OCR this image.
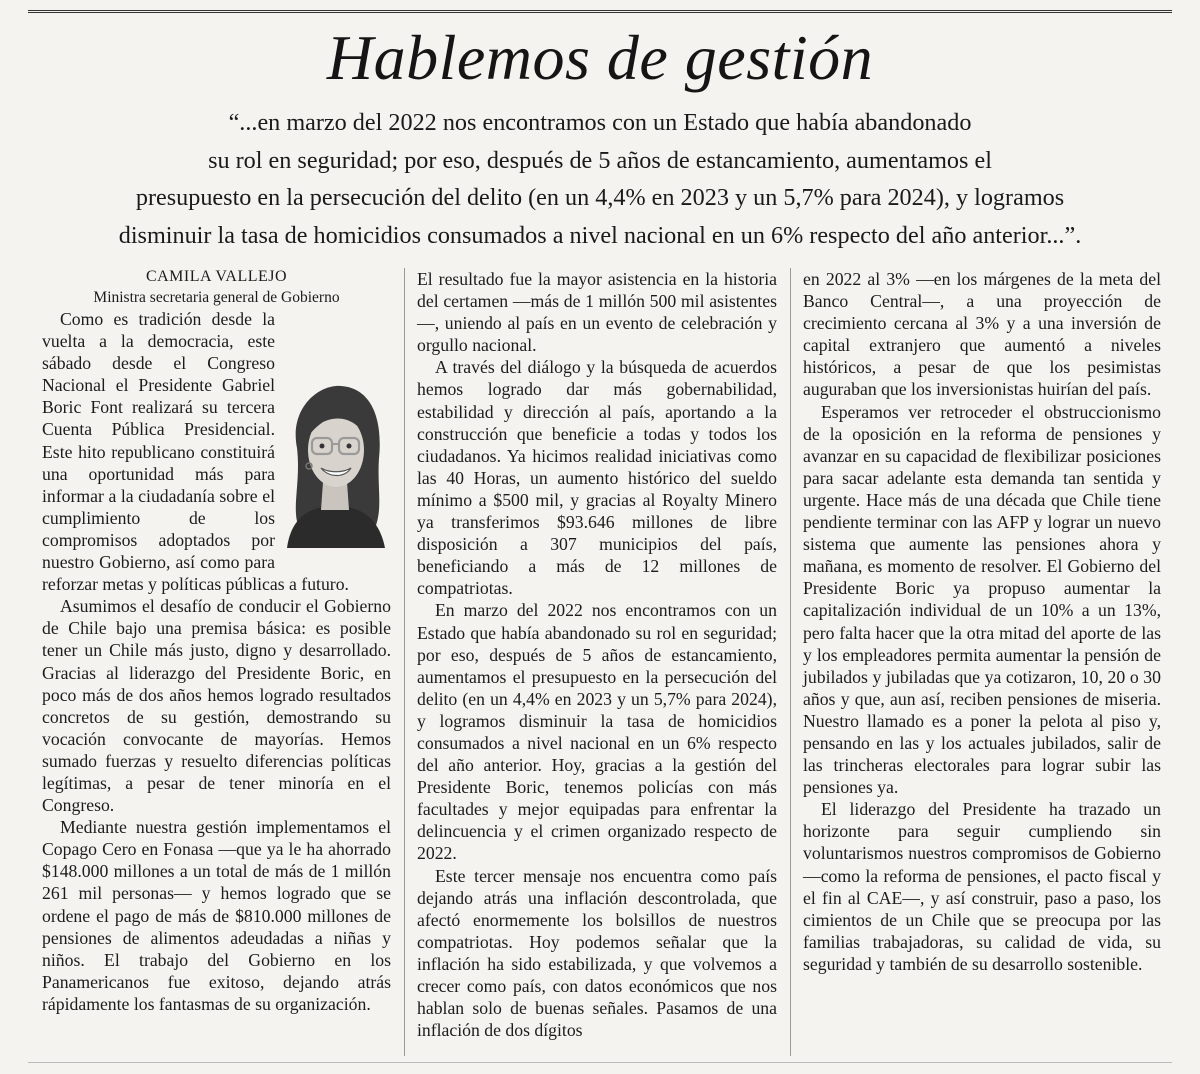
Hablemos de gestión
“...en marzo del 2022 nos encontramos con un Estado que había abandonado
su rol en seguridad; por eso, después de 5 años de estancamiento, aumentamos el
presupuesto en la persecución del delito (en un 4,4% en 2023 y un 5,7% para 2024), y logramos
disminuir la tasa de homicidios consumados a nivel nacional en un 6% respecto del año anterior...”.

CAMILA VALLEJO

Ministra secretaria general de Gobierno

Como es tradición desde la vuelta a la democracia, este sábado desde el Congreso Nacional el Presidente Gabriel Boric Font realizará su tercera Cuenta Pública Presidencial. Este hito republicano constituirá una oportunidad más para informar a la ciudadanía sobre el cumplimiento de los compromisos adoptados por nuestro Gobierno, así como para reforzar metas y políticas públicas a futuro.

Asumimos el desafío de conducir el Gobierno de Chile bajo una premisa básica: es posible tener un Chile más justo, digno y desarrollado. Gracias al liderazgo del Presidente Boric, en poco más de dos años hemos logrado resultados concretos de su gestión, demostrando su vocación convocante de mayorías. Hemos sumado fuerzas y resuelto diferencias políticas legítimas, a pesar de tener minoría en el Congreso.

Mediante nuestra gestión implementamos el Copago Cero en Fonasa —que ya le ha ahorrado $148.000 millones a un total de más de 1 millón 261 mil personas— y hemos logrado que se ordene el pago de más de $810.000 millones de pensiones de alimentos adeudadas a niñas y niños. El trabajo del Gobierno en los Panamericanos fue exitoso, dejando atrás rápidamente los fantasmas de su organización.

El resultado fue la mayor asistencia en la historia del certamen —más de 1 millón 500 mil asistentes—, uniendo al país en un evento de celebración y orgullo nacional.

A través del diálogo y la búsqueda de acuerdos hemos logrado dar más gobernabilidad, estabilidad y dirección al país, aportando a la construcción que beneficie a todas y todos los ciudadanos. Ya hicimos realidad iniciativas como las 40 Horas, un aumento histórico del sueldo mínimo a $500 mil, y gracias al Royalty Minero ya transferimos $93.646 millones de libre disposición a 307 municipios del país, beneficiando a más de 12 millones de compatriotas.

En marzo del 2022 nos encontramos con un Estado que había abandonado su rol en seguridad; por eso, después de 5 años de estancamiento, aumentamos el presupuesto en la persecución del delito (en un 4,4% en 2023 y un 5,7% para 2024), y logramos disminuir la tasa de homicidios consumados a nivel nacional en un 6% respecto del año anterior. Hoy, gracias a la gestión del Presidente Boric, tenemos policías con más facultades y mejor equipadas para enfrentar la delincuencia y el crimen organizado respecto de 2022.

Este tercer mensaje nos encuentra como país dejando atrás una inflación descontrolada, que afectó enormemente los bolsillos de nuestros compatriotas. Hoy podemos señalar que la inflación ha sido estabilizada, y que volvemos a crecer como país, con datos económicos que nos hablan solo de buenas señales. Pasamos de una inflación de dos dígitos

en 2022 al 3% —en los márgenes de la meta del Banco Central—, a una proyección de crecimiento cercana al 3% y a una inversión de capital extranjero que aumentó a niveles históricos, a pesar de que los pesimistas auguraban que los inversionistas huirían del país.

Esperamos ver retroceder el obstruccionismo de la oposición en la reforma de pensiones y avanzar en su capacidad de flexibilizar posiciones para sacar adelante esta demanda tan sentida y urgente. Hace más de una década que Chile tiene pendiente terminar con las AFP y lograr un nuevo sistema que aumente las pensiones ahora y mañana, es momento de resolver. El Gobierno del Presidente Boric ya propuso aumentar la capitalización individual de un 10% a un 13%, pero falta hacer que la otra mitad del aporte de las y los empleadores permita aumentar la pensión de jubilados y jubiladas que ya cotizaron, 10, 20 o 30 años y que, aun así, reciben pensiones de miseria. Nuestro llamado es a poner la pelota al piso y, pensando en las y los actuales jubilados, salir de las trincheras electorales para lograr subir las pensiones ya.

El liderazgo del Presidente ha trazado un horizonte para seguir cumpliendo sin voluntarismos nuestros compromisos de Gobierno —como la reforma de pensiones, el pacto fiscal y el fin al CAE—, y así construir, paso a paso, los cimientos de un Chile que se preocupa por las familias trabajadoras, su calidad de vida, su seguridad y también de su desarrollo sostenible.
